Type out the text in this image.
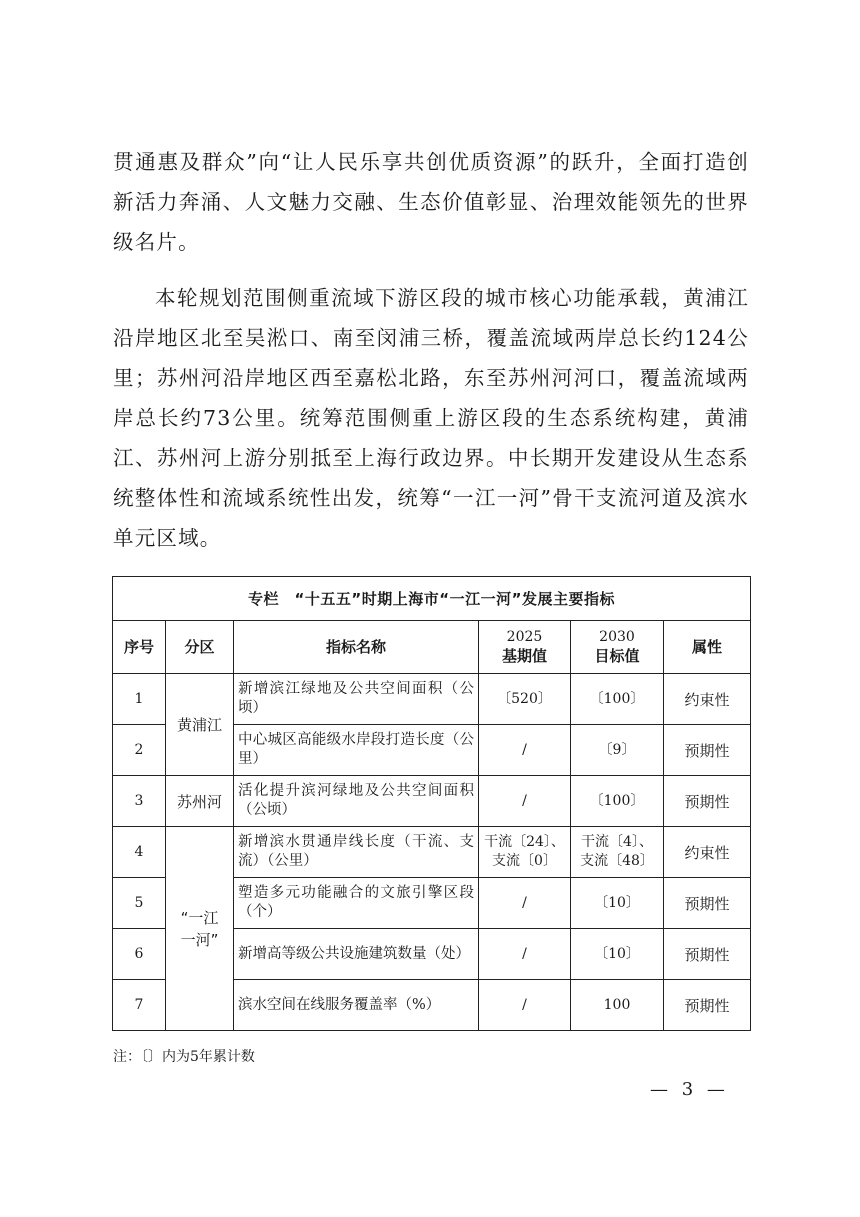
贯通惠及群众”向“让人民乐享共创优质资源”的跃升，全面打造创新活力奔涌、人文魅力交融、生态价值彰显、治理效能领先的世界级名片。

本轮规划范围侧重流域下游区段的城市核心功能承载，黄浦江沿岸地区北至吴淞口、南至闵浦三桥，覆盖流域两岸总长约124公里；苏州河沿岸地区西至嘉松北路，东至苏州河河口，覆盖流域两岸总长约73公里。统筹范围侧重上游区段的生态系统构建，黄浦江、苏州河上游分别抵至上海行政边界。中长期开发建设从生态系统整体性和流域系统性出发，统筹“一江一河”骨干支流河道及滨水单元区域。

专栏　“十五五”时期上海市“一江一河”发展主要指标					
序号	分区	指标名称	2025
基期值	2030
目标值	属性
1	黄浦江	新增滨江绿地及公共空间面积（公顷）	〔520〕	〔100〕	约束性
2		中心城区高能级水岸段打造长度（公里）	/	〔9〕	预期性
3	苏州河	活化提升滨河绿地及公共空间面积（公顷）	/	〔100〕	预期性
4	“一江
一河”	新增滨水贯通岸线长度（干流、支流）（公里）	干流〔24〕、支流〔0〕	干流〔4〕、支流〔48〕	约束性
5		塑造多元功能融合的文旅引擎区段（个）	/	〔10〕	预期性
6		新增高等级公共设施建筑数量（处）	/	〔10〕	预期性
7		滨水空间在线服务覆盖率（%）	/	100	预期性

注：〔〕内为5年累计数

— 3 —
